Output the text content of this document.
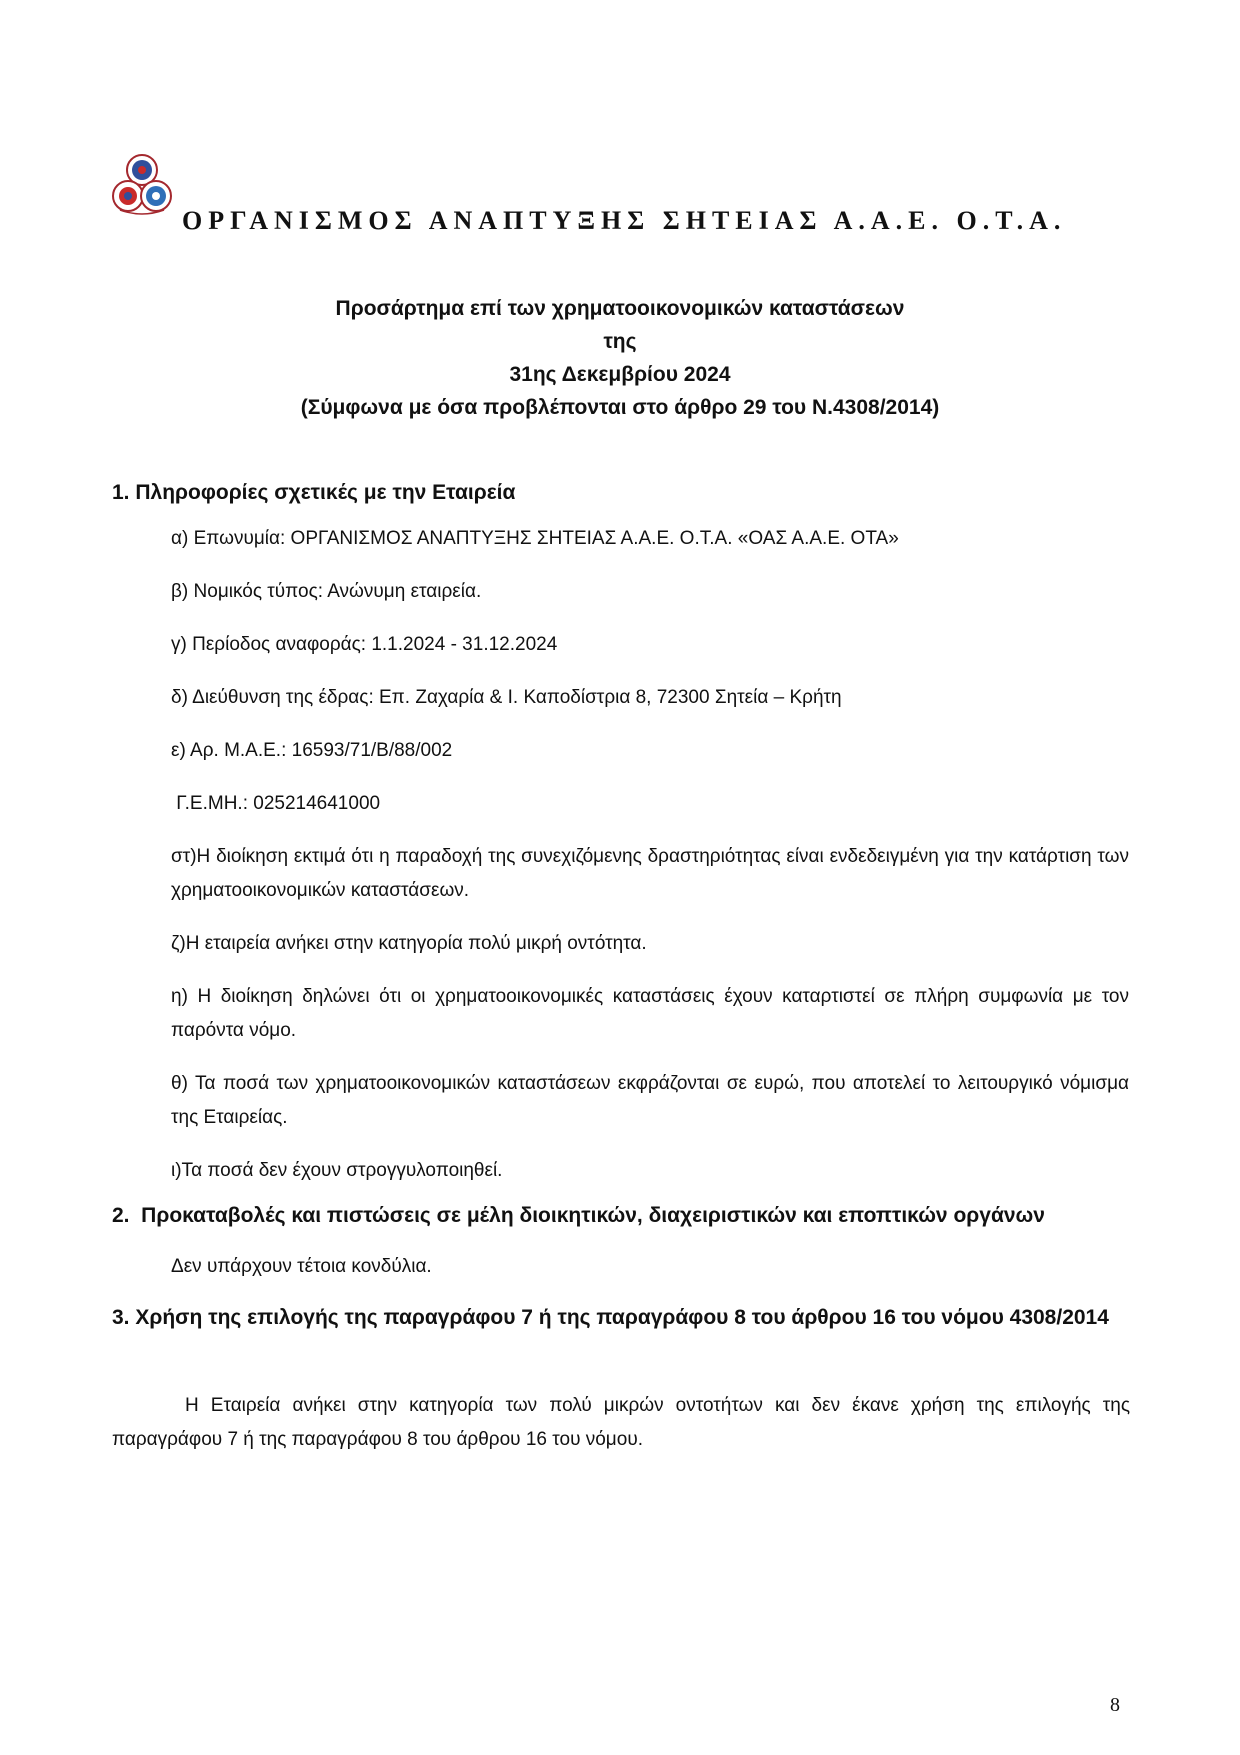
ΟΡΓΑΝΙΣΜΟΣ ΑΝΑΠΤΥΞΗΣ ΣΗΤΕΙΑΣ Α.Α.Ε. Ο.Τ.Α.
Προσάρτημα επί των χρηματοοικονομικών καταστάσεων
της
31ης Δεκεμβρίου 2024
(Σύμφωνα με όσα προβλέπονται στο άρθρο 29 του Ν.4308/2014)
1. Πληροφορίες σχετικές με την Εταιρεία
α) Επωνυμία: ΟΡΓΑΝΙΣΜΟΣ ΑΝΑΠΤΥΞΗΣ ΣΗΤΕΙΑΣ Α.Α.Ε. Ο.Τ.Α. «ΟΑΣ Α.Α.Ε. ΟΤΑ»
β) Νομικός τύπος: Ανώνυμη εταιρεία.
γ) Περίοδος αναφοράς: 1.1.2024 - 31.12.2024
δ) Διεύθυνση της έδρας: Επ. Ζαχαρία & Ι. Καποδίστρια 8, 72300 Σητεία – Κρήτη
ε) Αρ. Μ.Α.Ε.: 16593/71/Β/88/002
Γ.Ε.ΜΗ.: 025214641000
στ)Η διοίκηση εκτιμά ότι η παραδοχή της συνεχιζόμενης δραστηριότητας είναι ενδεδειγμένη για την κατάρτιση των χρηματοοικονομικών καταστάσεων.
ζ)Η εταιρεία ανήκει στην κατηγορία πολύ μικρή οντότητα.
η) Η διοίκηση δηλώνει ότι οι χρηματοοικονομικές καταστάσεις έχουν καταρτιστεί σε πλήρη συμφωνία με τον παρόντα νόμο.
θ) Τα ποσά των χρηματοοικονομικών καταστάσεων εκφράζονται σε ευρώ, που αποτελεί το λειτουργικό νόμισμα της Εταιρείας.
ι)Τα ποσά δεν έχουν στρογγυλοποιηθεί.
2.  Προκαταβολές και πιστώσεις σε μέλη διοικητικών, διαχειριστικών και εποπτικών οργάνων
Δεν υπάρχουν τέτοια κονδύλια.
3. Χρήση της επιλογής της παραγράφου 7 ή της παραγράφου 8 του άρθρου 16 του νόμου 4308/2014
Η Εταιρεία ανήκει στην κατηγορία των πολύ μικρών οντοτήτων και δεν έκανε χρήση της επιλογής της παραγράφου 7 ή της παραγράφου 8 του άρθρου 16 του νόμου.
8
